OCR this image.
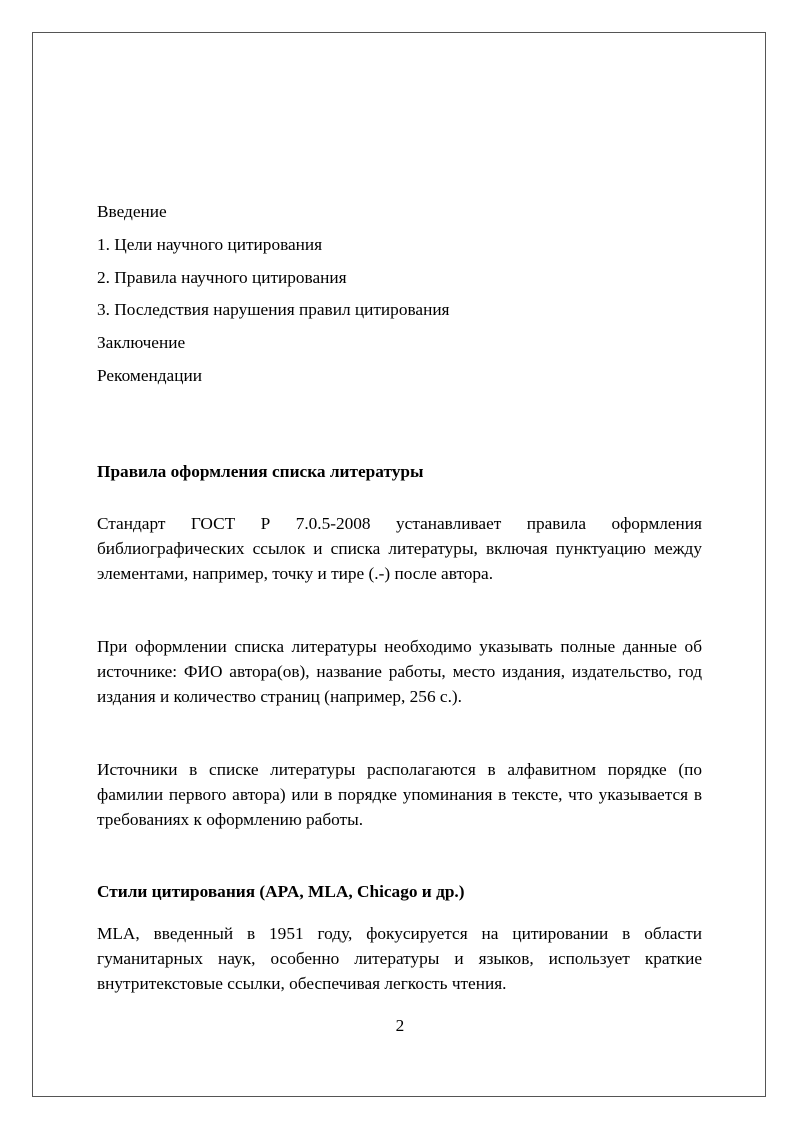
Введение
1. Цели научного цитирования
2. Правила научного цитирования
3. Последствия нарушения правил цитирования
Заключение
Рекомендации
Правила оформления списка литературы

Стандарт ГОСТ Р 7.0.5-2008 устанавливает правила оформления библиографических ссылок и списка литературы, включая пунктуацию между элементами, например, точку и тире (.-) после автора.

При оформлении списка литературы необходимо указывать полные данные об источнике: ФИО автора(ов), название работы, место издания, издательство, год издания и количество страниц (например, 256 с.).

Источники в списке литературы располагаются в алфавитном порядке (по фамилии первого автора) или в порядке упоминания в тексте, что указывается в требованиях к оформлению работы.

Стили цитирования (APA, MLA, Chicago и др.)

MLA, введенный в 1951 году, фокусируется на цитировании в области гуманитарных наук, особенно литературы и языков, использует краткие внутритекстовые ссылки, обеспечивая легкость чтения.

2
